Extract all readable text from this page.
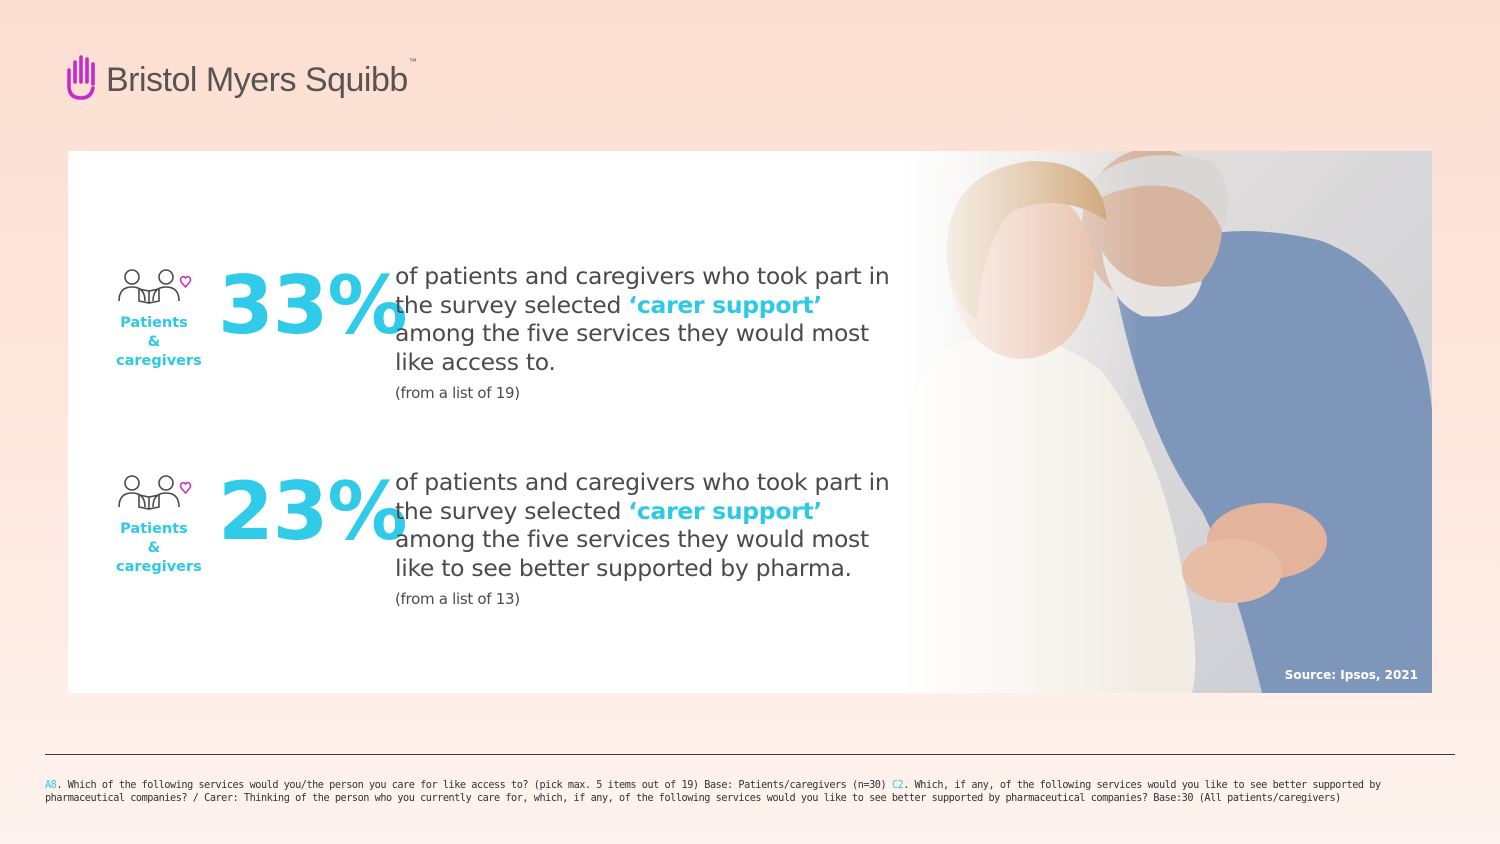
Bristol Myers Squibb™
Source: Ipsos, 2021
Patients &
caregivers
33%
of patients and caregivers who took part in the survey selected ‘carer support’ among the five services they would most like access to.
(from a list of 19)
Patients &
caregivers
23%
of patients and caregivers who took part in the survey selected ‘carer support’ among the five services they would most like to see better supported by pharma. (from a list of 13)
A8. Which of the following services would you/the person you care for like access to? (pick max. 5 items out of 19) Base: Patients/caregivers (n=30) C2. Which, if any, of the following services would you like to see better supported by pharmaceutical companies? / Carer: Thinking of the person who you currently care for, which, if any, of the following services would you like to see better supported by pharmaceutical companies? Base:30 (All patients/caregivers)
